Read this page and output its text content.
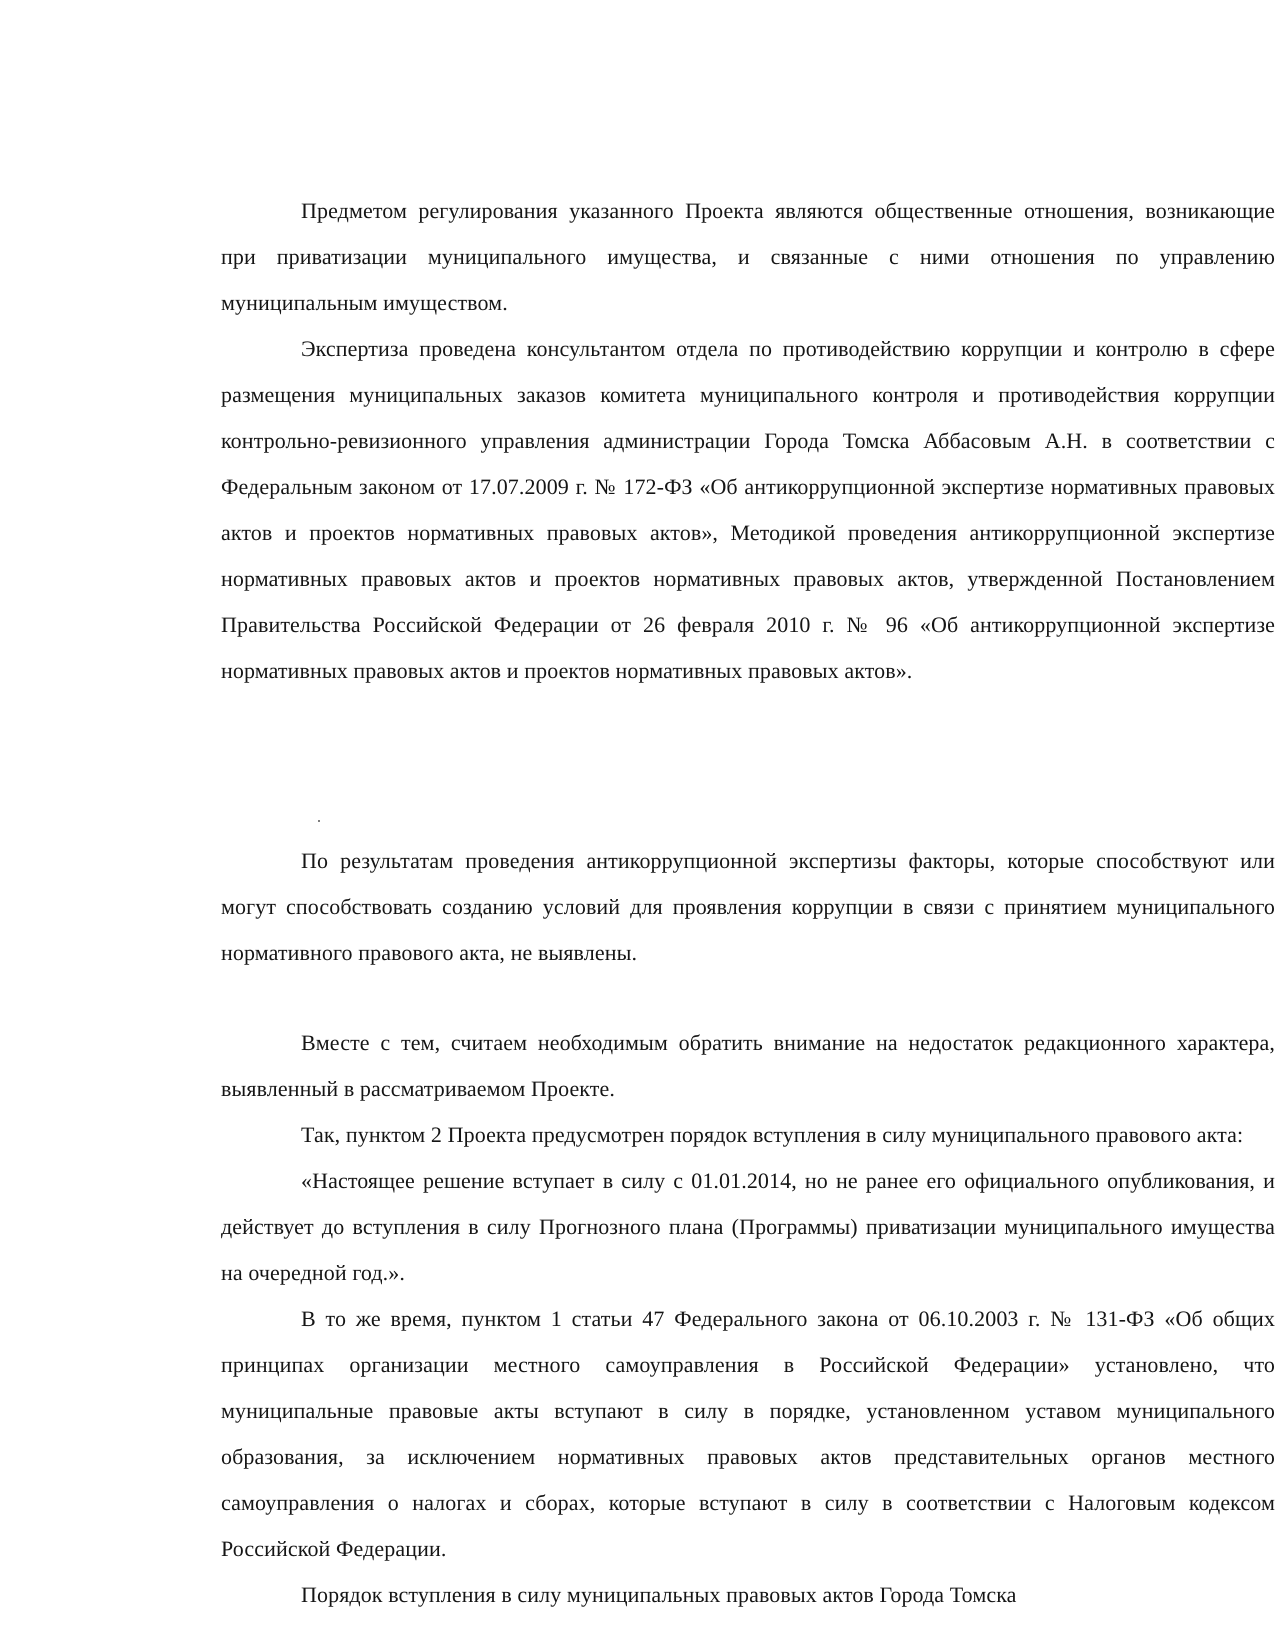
Предметом регулирования указанного Проекта являются общественные отношения, возникающие при приватизации муниципального имущества, и связанные с ними отношения по управлению муниципальным имуществом.

Экспертиза проведена консультантом отдела по противодействию коррупции и контролю в сфере размещения муниципальных заказов комитета муниципального контроля и противодействия коррупции контрольно-ревизионного управления администрации Города Томска Аббасовым А.Н. в соответствии с Федеральным законом от 17.07.2009 г. № 172-ФЗ «Об антикоррупционной экспертизе нормативных правовых актов и проектов нормативных правовых актов», Методикой проведения антикоррупционной экспертизе нормативных правовых актов и проектов нормативных правовых актов, утвержденной Постановлением Правительства Российской Федерации от 26 февраля 2010 г. № 96 «Об антикоррупционной экспертизе нормативных правовых актов и проектов нормативных правовых актов».

По результатам проведения антикоррупционной экспертизы факторы, которые способствуют или могут способствовать созданию условий для проявления коррупции в связи с принятием муниципального нормативного правового акта, не выявлены.

Вместе с тем, считаем необходимым обратить внимание на недостаток редакционного характера, выявленный в рассматриваемом Проекте.

Так, пунктом 2 Проекта предусмотрен порядок вступления в силу муниципального правового акта:

«Настоящее решение вступает в силу с 01.01.2014, но не ранее его официального опубликования, и действует до вступления в силу Прогнозного плана (Программы) приватизации муниципального имущества на очередной год.».

В то же время, пунктом 1 статьи 47 Федерального закона от 06.10.2003 г. № 131-ФЗ «Об общих принципах организации местного самоуправления в Российской Федерации» установлено, что муниципальные правовые акты вступают в силу в порядке, установленном уставом муниципального образования, за исключением нормативных правовых актов представительных органов местного самоуправления о налогах и сборах, которые вступают в силу в соответствии с Налоговым кодексом Российской Федерации.

Порядок вступления в силу муниципальных правовых актов Города Томска
